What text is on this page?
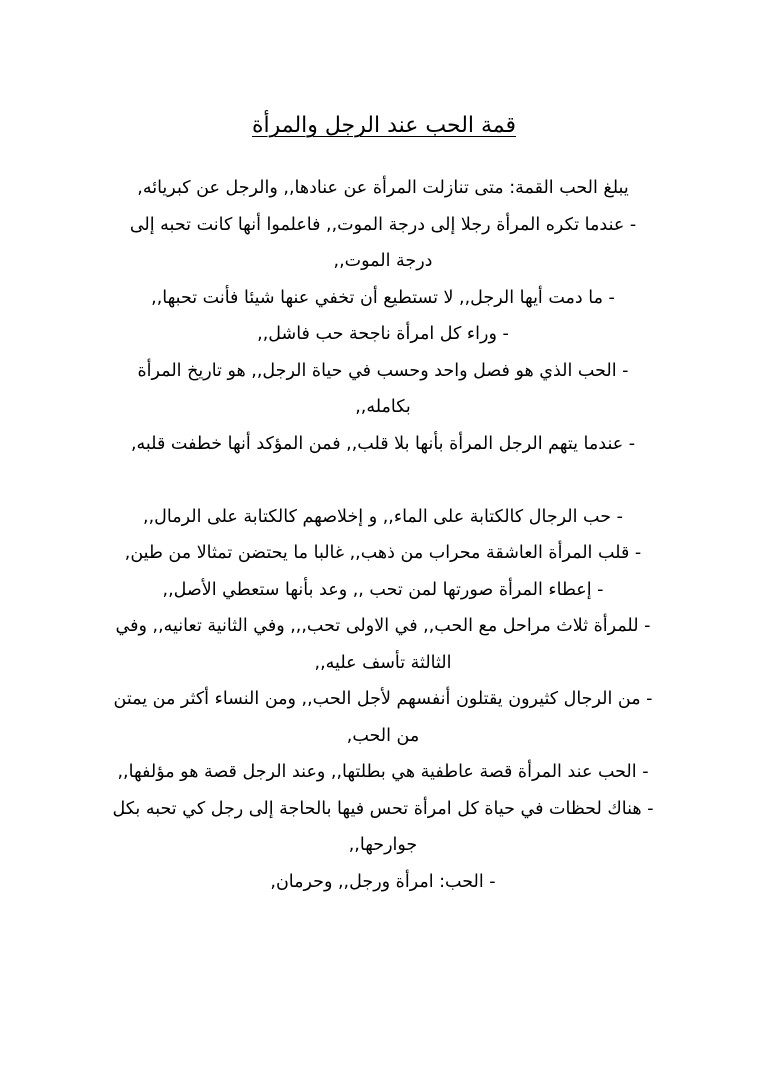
قمة الحب عند الرجل والمرأة

يبلغ الحب القمة: متى تنازلت المرأة عن عنادها,, والرجل عن كبريائه,

- عندما تكره المرأة رجلا إلى درجة الموت,, فاعلموا أنها كانت تحبه إلى درجة الموت,,

- ما دمت أيها الرجل,, لا تستطيع أن تخفي عنها شيئا فأنت تحبها,,

- وراء كل امرأة ناجحة حب فاشل,,

- الحب الذي هو فصل واحد وحسب في حياة الرجل,, هو تاريخ المرأة بكامله,,

- عندما يتهم الرجل المرأة بأنها بلا قلب,, فمن المؤكد أنها خطفت قلبه,

- حب الرجال كالكتابة على الماء,, و إخلاصهم كالكتابة على الرمال,,

- قلب المرأة العاشقة محراب من ذهب,, غالبا ما يحتضن تمثالا من طين,

- إعطاء المرأة صورتها لمن تحب ,, وعد بأنها ستعطي الأصل,,

- للمرأة ثلاث مراحل مع الحب,, في الاولى تحب,,, وفي الثانية تعانيه,, وفي الثالثة تأسف عليه,,

- من الرجال كثيرون يقتلون أنفسهم لأجل الحب,, ومن النساء أكثر من يمتن من الحب,

- الحب عند المرأة قصة عاطفية هي بطلتها,, وعند الرجل قصة هو مؤلفها,,

- هناك لحظات في حياة كل امرأة تحس فيها بالحاجة إلى رجل كي تحبه بكل جوارحها,,

- الحب: امرأة ورجل,, وحرمان,
